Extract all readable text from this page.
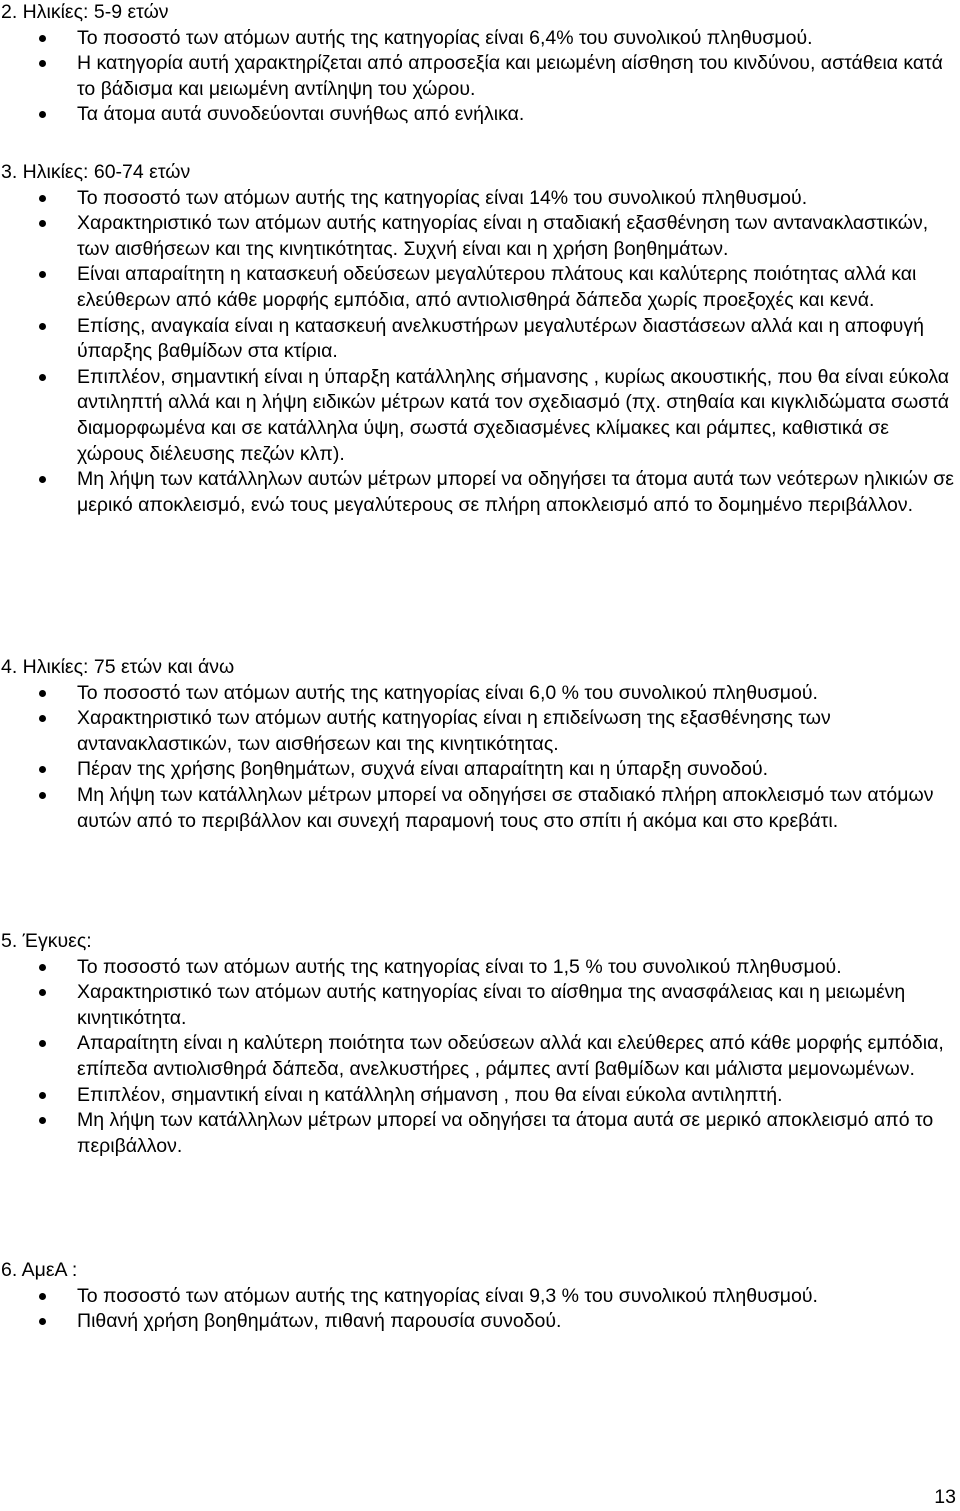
2. Ηλικίες: 5-9 ετών
Το ποσοστό των ατόμων αυτής της κατηγορίας είναι 6,4% του συνολικού πληθυσμού.
Η κατηγορία αυτή χαρακτηρίζεται από απροσεξία και μειωμένη αίσθηση του κινδύνου, αστάθεια κατά το βάδισμα και μειωμένη αντίληψη του χώρου.
Τα άτομα αυτά συνοδεύονται συνήθως από ενήλικα.
3. Ηλικίες: 60-74 ετών
Το ποσοστό των ατόμων αυτής της κατηγορίας είναι 14% του συνολικού πληθυσμού.
Χαρακτηριστικό των ατόμων αυτής κατηγορίας είναι η σταδιακή εξασθένηση των αντανακλαστικών, των αισθήσεων και της κινητικότητας. Συχνή είναι και η χρήση βοηθημάτων.
Είναι απαραίτητη η κατασκευή οδεύσεων μεγαλύτερου πλάτους και καλύτερης ποιότητας αλλά και ελεύθερων από κάθε μορφής εμπόδια, από αντιολισθηρά δάπεδα χωρίς προεξοχές και κενά.
Επίσης, αναγκαία είναι η κατασκευή ανελκυστήρων μεγαλυτέρων διαστάσεων αλλά και η αποφυγή ύπαρξης βαθμίδων στα κτίρια.
Επιπλέον, σημαντική είναι η ύπαρξη κατάλληλης σήμανσης , κυρίως ακουστικής, που θα είναι εύκολα αντιληπτή αλλά και η λήψη ειδικών μέτρων κατά τον σχεδιασμό (πχ. στηθαία και κιγκλιδώματα σωστά διαμορφωμένα και σε κατάλληλα ύψη, σωστά σχεδιασμένες κλίμακες και ράμπες, καθιστικά σε χώρους διέλευσης πεζών κλπ).
Μη λήψη των κατάλληλων αυτών μέτρων μπορεί να οδηγήσει τα άτομα αυτά των νεότερων ηλικιών σε μερικό αποκλεισμό, ενώ τους μεγαλύτερους σε πλήρη αποκλεισμό από το δομημένο περιβάλλον.
4. Ηλικίες: 75 ετών και άνω
Το ποσοστό των ατόμων αυτής της κατηγορίας είναι 6,0 % του συνολικού πληθυσμού.
Χαρακτηριστικό των ατόμων αυτής κατηγορίας είναι η επιδείνωση της εξασθένησης των αντανακλαστικών, των αισθήσεων και της κινητικότητας.
Πέραν της χρήσης βοηθημάτων, συχνά είναι απαραίτητη και η ύπαρξη συνοδού.
Μη λήψη των κατάλληλων μέτρων μπορεί να οδηγήσει σε σταδιακό πλήρη αποκλεισμό των ατόμων αυτών από το περιβάλλον και συνεχή παραμονή τους στο σπίτι ή ακόμα και στο κρεβάτι.
5. Έγκυες:
Το ποσοστό των ατόμων αυτής της κατηγορίας είναι το 1,5 % του συνολικού πληθυσμού.
Χαρακτηριστικό των ατόμων αυτής κατηγορίας είναι το αίσθημα της ανασφάλειας και η μειωμένη κινητικότητα.
Απαραίτητη είναι η καλύτερη ποιότητα των οδεύσεων αλλά και ελεύθερες από κάθε μορφής εμπόδια, επίπεδα αντιολισθηρά δάπεδα, ανελκυστήρες , ράμπες αντί βαθμίδων και μάλιστα μεμονωμένων.
Επιπλέον, σημαντική είναι η κατάλληλη σήμανση , που θα είναι εύκολα αντιληπτή.
Μη λήψη των κατάλληλων μέτρων μπορεί να οδηγήσει τα άτομα αυτά σε μερικό αποκλεισμό από το περιβάλλον.
6. ΑμεΑ :
Το ποσοστό των ατόμων αυτής της κατηγορίας είναι 9,3 % του συνολικού πληθυσμού.
Πιθανή χρήση βοηθημάτων, πιθανή παρουσία συνοδού.
13
